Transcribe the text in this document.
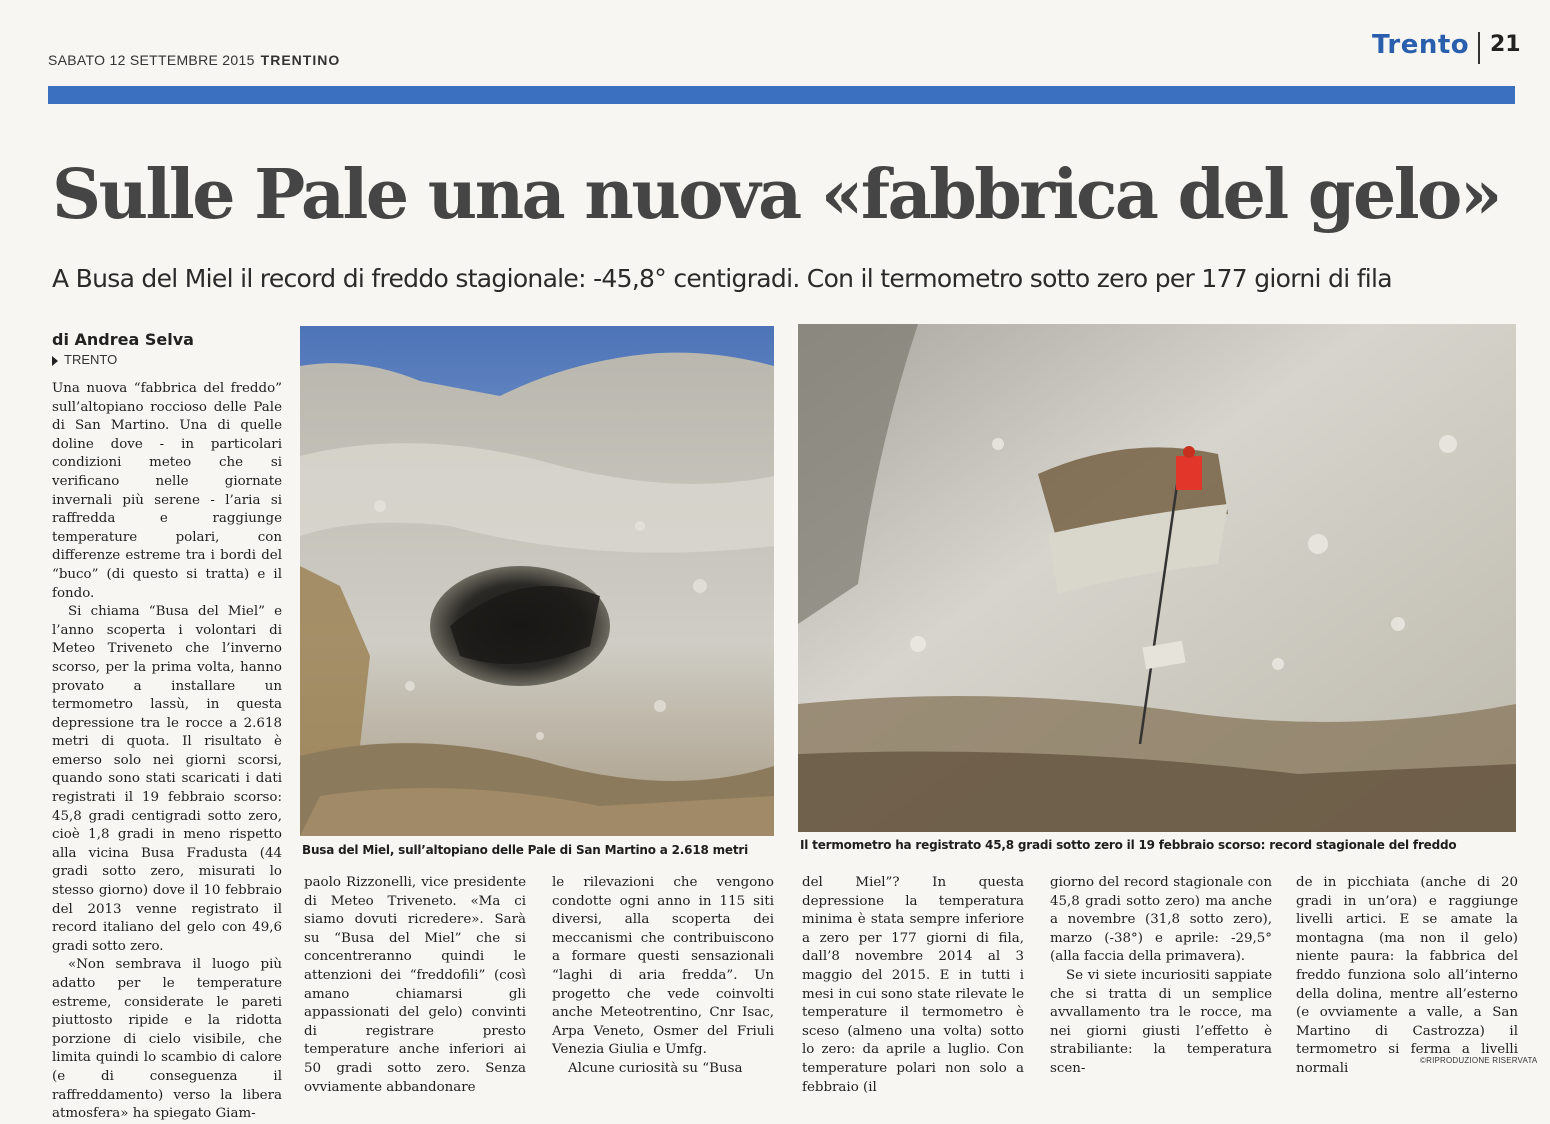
SABATO 12 SETTEMBRE 2015 TRENTINO	Trento 21
Sulle Pale una nuova «fabbrica del gelo»
A Busa del Miel il record di freddo stagionale: -45,8° centigradi. Con il termometro sotto zero per 177 giorni di fila
di Andrea Selva
TRENTO
Busa del Miel, sull’altopiano delle Pale di San Martino a 2.618 metri	Il termometro ha registrato 45,8 gradi sotto zero il 19 febbraio scorso: record stagionale del freddo

Una nuova “fabbrica del freddo” sull’altopiano roccioso delle Pale di San Martino. Una di quelle doline dove - in particolari condizioni meteo che si verificano nelle giornate invernali più serene - l’aria si raffredda e raggiunge temperature polari, con differenze estreme tra i bordi del “buco” (di questo si tratta) e il fondo.

Si chiama “Busa del Miel” e l’anno scoperta i volontari di Meteo Triveneto che l’inverno scorso, per la prima volta, hanno provato a installare un termometro lassù, in questa depressione tra le rocce a 2.618 metri di quota. Il risultato è emerso solo nei giorni scorsi, quando sono stati scaricati i dati registrati il 19 febbraio scorso: 45,8 gradi centigradi sotto zero, cioè 1,8 gradi in meno rispetto alla vicina Busa Fradusta (44 gradi sotto zero, misurati lo stesso giorno) dove il 10 febbraio del 2013 venne registrato il record italiano del gelo con 49,6 gradi sotto zero.

«Non sembrava il luogo più adatto per le temperature estreme, considerate le pareti piuttosto ripide e la ridotta porzione di cielo visibile, che limita quindi lo scambio di calore (e di conseguenza il raffreddamento) verso la libera atmosfera» ha spiegato Giam-

paolo Rizzonelli, vice presidente di Meteo Triveneto. «Ma ci siamo dovuti ricredere». Sarà su “Busa del Miel” che si concentreranno quindi le attenzioni dei “freddofili” (così amano chiamarsi gli appassionati del gelo) convinti di registrare presto temperature anche inferiori ai 50 gradi sotto zero. Senza ovviamente abbandonare

le rilevazioni che vengono condotte ogni anno in 115 siti diversi, alla scoperta dei meccanismi che contribuiscono a formare questi sensazionali “laghi di aria fredda”. Un progetto che vede coinvolti anche Meteotrentino, Cnr Isac, Arpa Veneto, Osmer del Friuli Venezia Giulia e Umfg.

Alcune curiosità su “Busa

del Miel”? In questa depressione la temperatura minima è stata sempre inferiore a zero per 177 giorni di fila, dall’8 novembre 2014 al 3 maggio del 2015. E in tutti i mesi in cui sono state rilevate le temperature il termometro è sceso (almeno una volta) sotto lo zero: da aprile a luglio. Con temperature polari non solo a febbraio (il

giorno del record stagionale con 45,8 gradi sotto zero) ma anche a novembre (31,8 sotto zero), marzo (-38°) e aprile: -29,5° (alla faccia della primavera).

Se vi siete incuriositi sappiate che si tratta di un semplice avvallamento tra le rocce, ma nei giorni giusti l’effetto è strabiliante: la temperatura scen-

de in picchiata (anche di 20 gradi in un’ora) e raggiunge livelli artici. E se amate la montagna (ma non il gelo) niente paura: la fabbrica del freddo funziona solo all’interno della dolina, mentre all’esterno (e ovviamente a valle, a San Martino di Castrozza) il termometro si ferma a livelli normali

©RIPRODUZIONE RISERVATA
